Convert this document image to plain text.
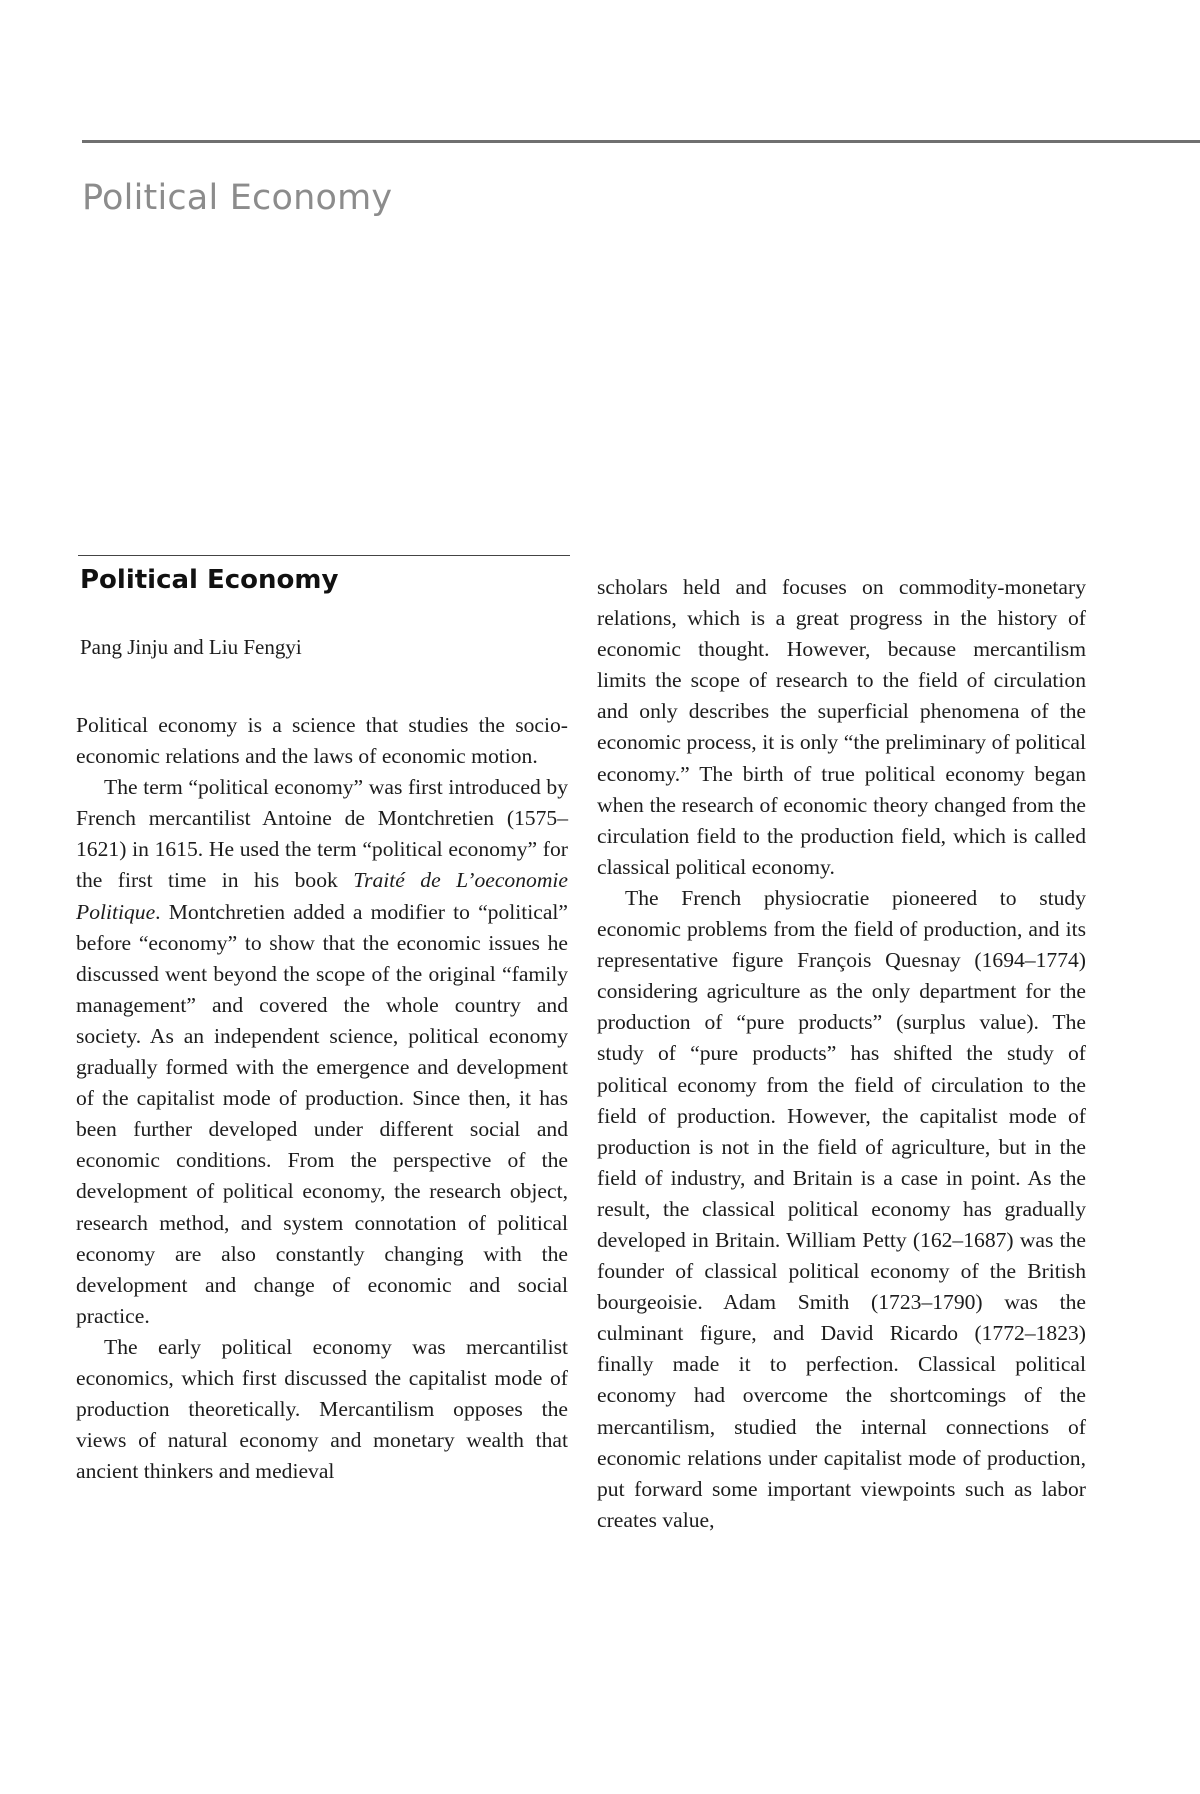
Political Economy
Political Economy
Pang Jinju and Liu Fengyi

Political economy is a science that studies the socio-economic relations and the laws of economic motion.

The term “political economy” was first introduced by French mercantilist Antoine de Montchretien (1575–1621) in 1615. He used the term “political economy” for the first time in his book Traité de L’oeconomie Politique. Montchretien added a modifier to “political” before “economy” to show that the economic issues he discussed went beyond the scope of the original “family management” and covered the whole country and society. As an independent science, political economy gradually formed with the emergence and development of the capitalist mode of production. Since then, it has been further developed under different social and economic conditions. From the perspective of the development of political economy, the research object, research method, and system connotation of political economy are also constantly changing with the development and change of economic and social practice.

The early political economy was mercantilist economics, which first discussed the capitalist mode of production theoretically. Mercantilism opposes the views of natural economy and monetary wealth that ancient thinkers and medieval

scholars held and focuses on commodity-monetary relations, which is a great progress in the history of economic thought. However, because mercantilism limits the scope of research to the field of circulation and only describes the superficial phenomena of the economic process, it is only “the preliminary of political economy.” The birth of true political economy began when the research of economic theory changed from the circulation field to the production field, which is called classical political economy.

The French physiocratie pioneered to study economic problems from the field of production, and its representative figure François Quesnay (1694–1774) considering agriculture as the only department for the production of “pure products” (surplus value). The study of “pure products” has shifted the study of political economy from the field of circulation to the field of production. However, the capitalist mode of production is not in the field of agriculture, but in the field of industry, and Britain is a case in point. As the result, the classical political economy has gradually developed in Britain. William Petty (162–1687) was the founder of classical political economy of the British bourgeoisie. Adam Smith (1723–1790) was the culminant figure, and David Ricardo (1772–1823) finally made it to perfection. Classical political economy had overcome the shortcomings of the mercantilism, studied the internal connections of economic relations under capitalist mode of production, put forward some important viewpoints such as labor creates value,
